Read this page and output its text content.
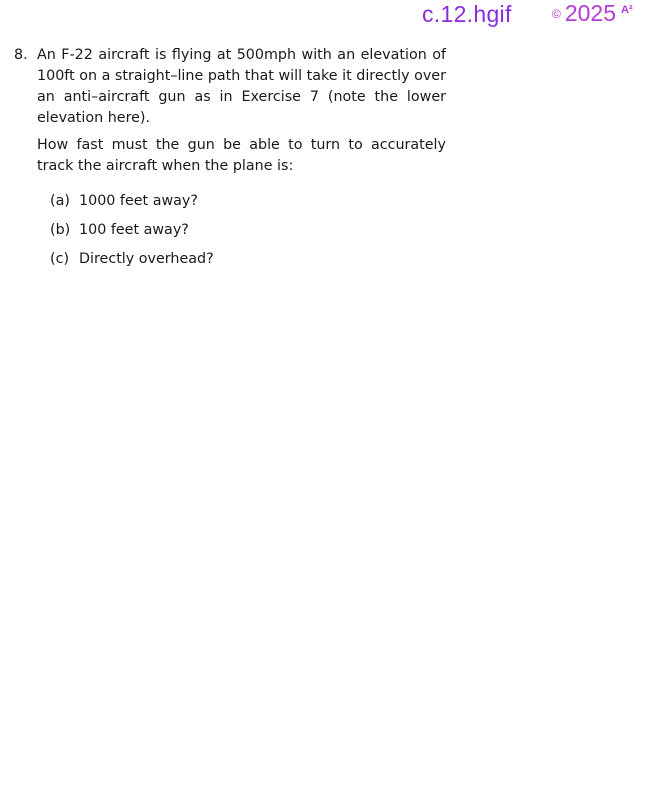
c.12.hgif	© 2025 A²
8. An F-22 aircraft is flying at 500mph with an elevation of 100ft on a straight–line path that will take it directly over an anti–aircraft gun as in Exercise 7 (note the lower elevation here).

How fast must the gun be able to turn to accurately track the aircraft when the plane is:

(a) 1000 feet away?
(b) 100 feet away?
(c) Directly overhead?
